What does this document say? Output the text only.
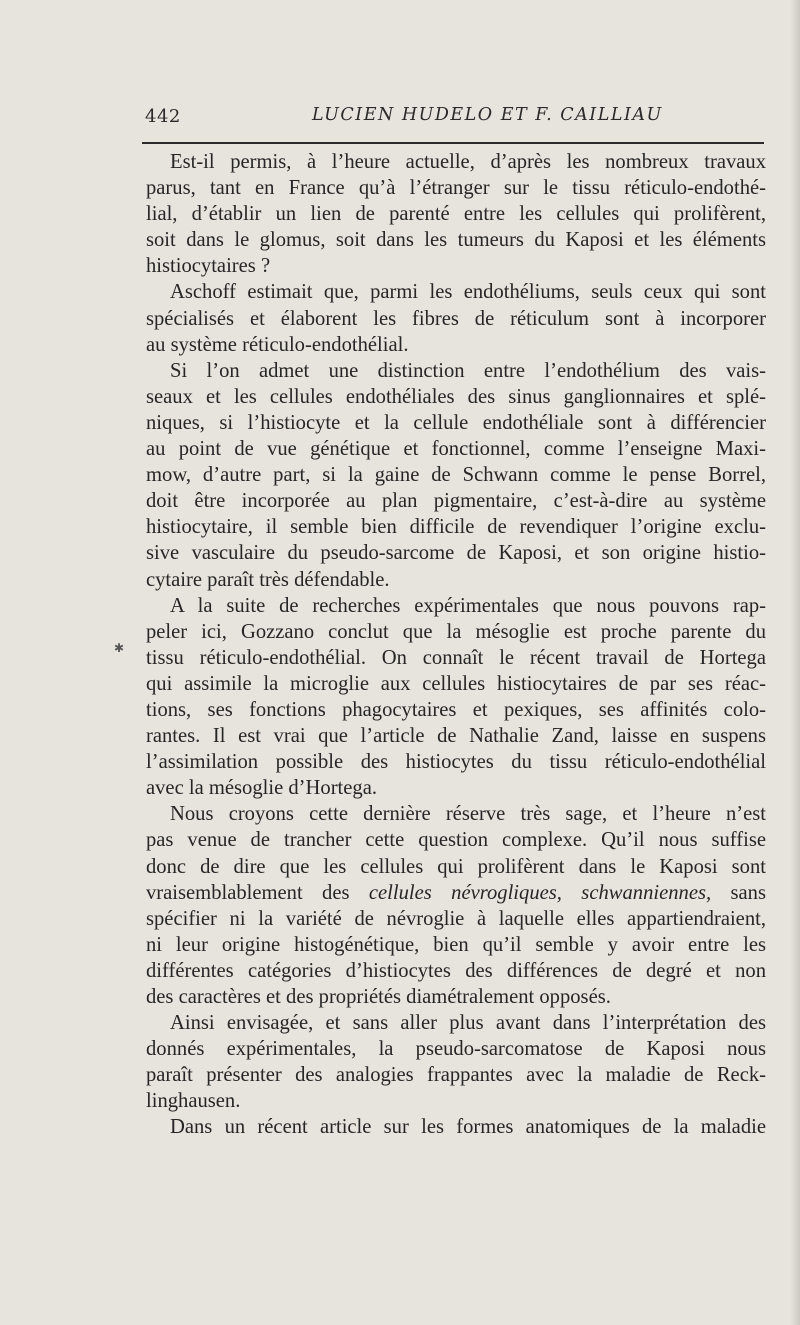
442	LUCIEN HUDELO ET F. CAILLIAU
Est-il permis, à l’heure actuelle, d’après les nombreux travaux
parus, tant en France qu’à l’étranger sur le tissu réticulo-endothé-
lial, d’établir un lien de parenté entre les cellules qui prolifèrent,
soit dans le glomus, soit dans les tumeurs du Kaposi et les éléments
histiocytaires ?
Aschoff estimait que, parmi les endothéliums, seuls ceux qui sont
spécialisés et élaborent les fibres de réticulum sont à incorporer
au système réticulo-endothélial.
Si l’on admet une distinction entre l’endothélium des vais-
seaux et les cellules endothéliales des sinus ganglionnaires et splé-
niques, si l’histiocyte et la cellule endothéliale sont à différencier
au point de vue génétique et fonctionnel, comme l’enseigne Maxi-
mow, d’autre part, si la gaine de Schwann comme le pense Borrel,
doit être incorporée au plan pigmentaire, c’est-à-dire au système
histiocytaire, il semble bien difficile de revendiquer l’origine exclu-
sive vasculaire du pseudo-sarcome de Kaposi, et son origine histio-
cytaire paraît très défendable.
A la suite de recherches expérimentales que nous pouvons rap-
peler ici, Gozzano conclut que la mésoglie est proche parente du
tissu réticulo-endothélial. On connaît le récent travail de Hortega
qui assimile la microglie aux cellules histiocytaires de par ses réac-
tions, ses fonctions phagocytaires et pexiques, ses affinités colo-
rantes. Il est vrai que l’article de Nathalie Zand, laisse en suspens
l’assimilation possible des histiocytes du tissu réticulo-endothélial
avec la mésoglie d’Hortega.
Nous croyons cette dernière réserve très sage, et l’heure n’est
pas venue de trancher cette question complexe. Qu’il nous suffise
donc de dire que les cellules qui prolifèrent dans le Kaposi sont
vraisemblablement des cellules névrogliques, schwanniennes, sans
spécifier ni la variété de névroglie à laquelle elles appartiendraient,
ni leur origine histogénétique, bien qu’il semble y avoir entre les
différentes catégories d’histiocytes des différences de degré et non
des caractères et des propriétés diamétralement opposés.
Ainsi envisagée, et sans aller plus avant dans l’interprétation des
donnés expérimentales, la pseudo-sarcomatose de Kaposi nous
paraît présenter des analogies frappantes avec la maladie de Reck-
linghausen.
Dans un récent article sur les formes anatomiques de la maladie
✱
